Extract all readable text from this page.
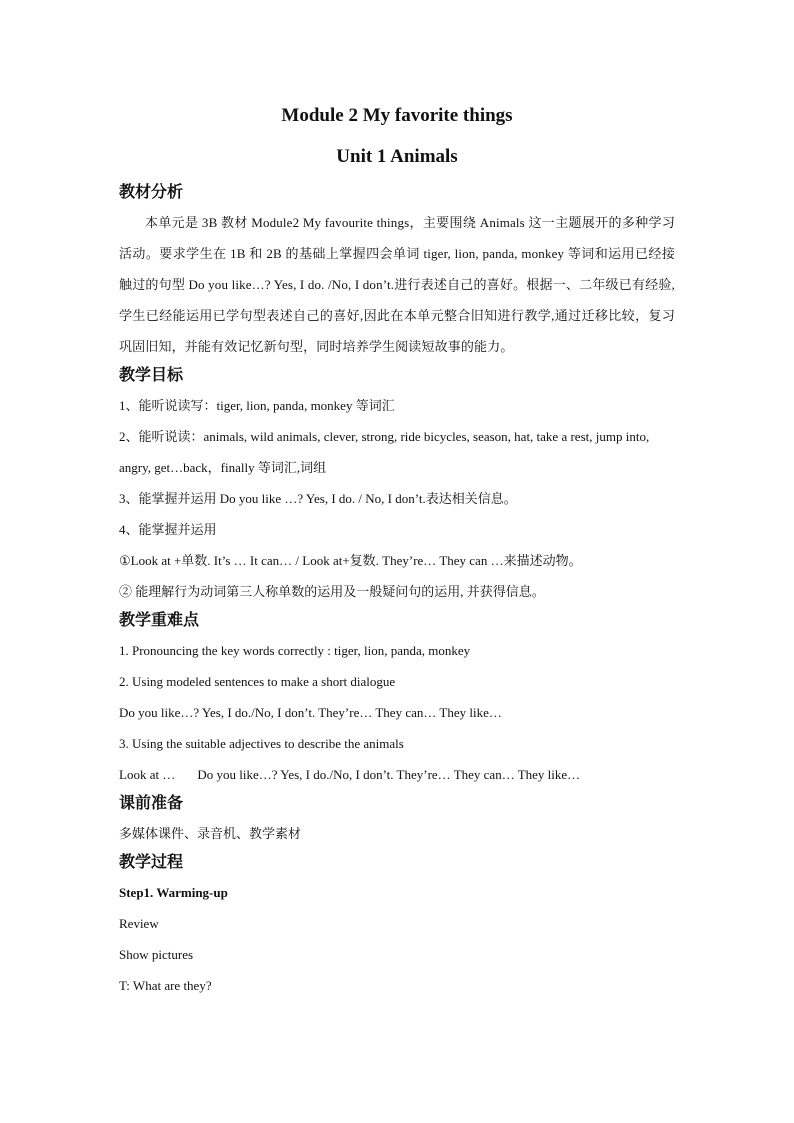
Module 2 My favorite things
Unit 1 Animals
教材分析
本单元是 3B 教材 Module2 My favourite things，主要围绕 Animals 这一主题展开的多种学习活动。要求学生在 1B 和 2B 的基础上掌握四会单词 tiger, lion, panda, monkey 等词和运用已经接触过的句型 Do you like…? Yes, I do. /No, I don’t.进行表述自己的喜好。根据一、二年级已有经验,学生已经能运用已学句型表述自己的喜好,因此在本单元整合旧知进行教学,通过迁移比较，复习巩固旧知，并能有效记忆新句型，同时培养学生阅读短故事的能力。
教学目标
1、能听说读写：tiger, lion, panda, monkey 等词汇
2、能听说读：animals, wild animals, clever, strong, ride bicycles, season, hat, take a rest, jump into, angry, get…back，finally 等词汇,词组
3、能掌握并运用 Do you like …? Yes, I do. / No, I don’t.表达相关信息。
4、能掌握并运用
①Look at +单数. It’s … It can… / Look at+复数. They’re… They can …来描述动物。
② 能理解行为动词第三人称单数的运用及一般疑问句的运用, 并获得信息。
教学重难点
1. Pronouncing the key words correctly : tiger, lion, panda, monkey
2. Using modeled sentences to make a short dialogue
Do you like…? Yes, I do./No, I don’t. They’re… They can… They like…
3. Using the suitable adjectives to describe the animals
Look at … Do you like…? Yes, I do./No, I don’t. They’re… They can… They like…
课前准备
多媒体课件、录音机、教学素材
教学过程
Step1. Warming-up
Review
Show pictures
T: What are they?
